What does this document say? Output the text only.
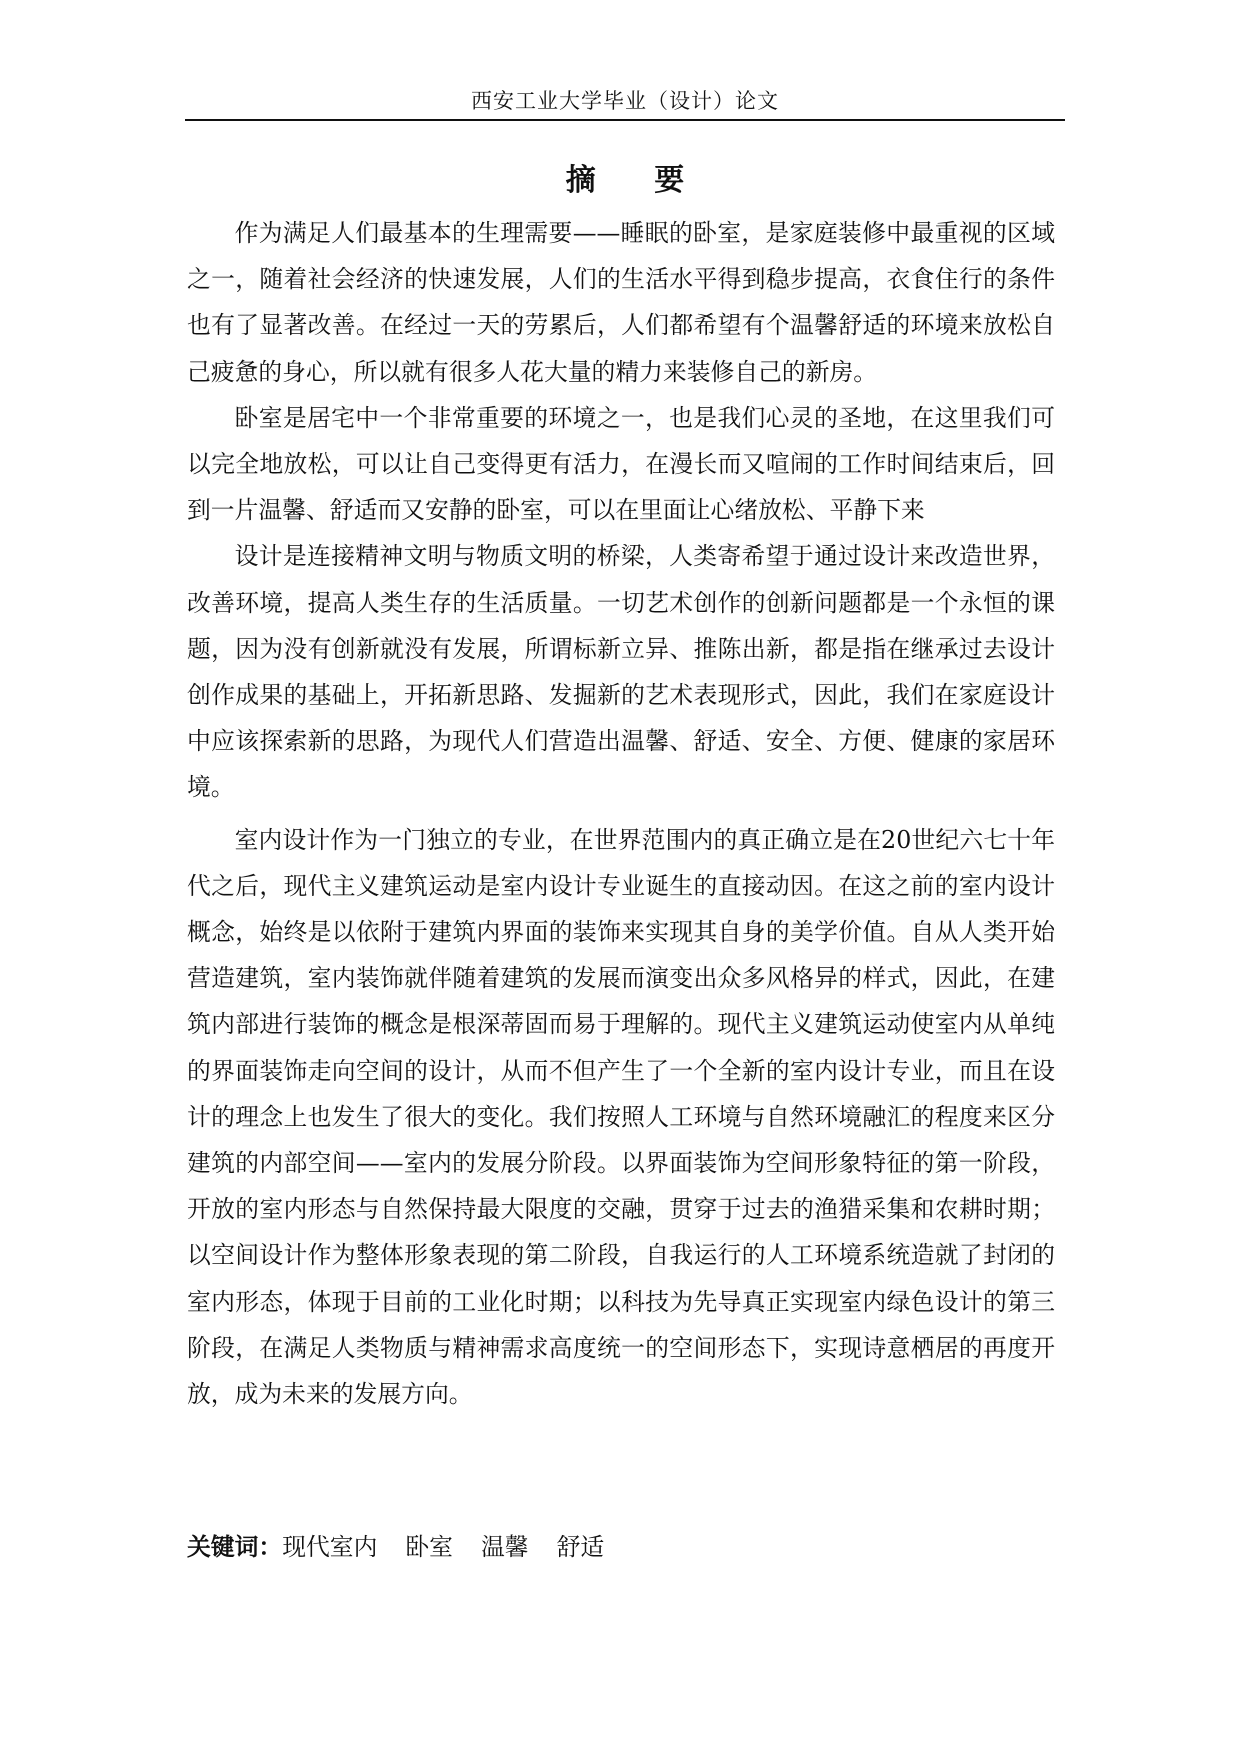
西安工业大学毕业（设计）论文
摘 要

作为满足人们最基本的生理需要——睡眠的卧室，是家庭装修中最重视的区域之一，随着社会经济的快速发展，人们的生活水平得到稳步提高，衣食住行的条件也有了显著改善。在经过一天的劳累后，人们都希望有个温馨舒适的环境来放松自己疲惫的身心，所以就有很多人花大量的精力来装修自己的新房。

卧室是居宅中一个非常重要的环境之一，也是我们心灵的圣地，在这里我们可以完全地放松，可以让自己变得更有活力，在漫长而又喧闹的工作时间结束后，回到一片温馨、舒适而又安静的卧室，可以在里面让心绪放松、平静下来

设计是连接精神文明与物质文明的桥梁，人类寄希望于通过设计来改造世界，改善环境，提高人类生存的生活质量。一切艺术创作的创新问题都是一个永恒的课题，因为没有创新就没有发展，所谓标新立异、推陈出新，都是指在继承过去设计创作成果的基础上，开拓新思路、发掘新的艺术表现形式，因此，我们在家庭设计中应该探索新的思路，为现代人们营造出温馨、舒适、安全、方便、健康的家居环境。

室内设计作为一门独立的专业，在世界范围内的真正确立是在20世纪六七十年代之后，现代主义建筑运动是室内设计专业诞生的直接动因。在这之前的室内设计概念，始终是以依附于建筑内界面的装饰来实现其自身的美学价值。自从人类开始营造建筑，室内装饰就伴随着建筑的发展而演变出众多风格异的样式，因此，在建筑内部进行装饰的概念是根深蒂固而易于理解的。现代主义建筑运动使室内从单纯的界面装饰走向空间的设计，从而不但产生了一个全新的室内设计专业，而且在设计的理念上也发生了很大的变化。我们按照人工环境与自然环境融汇的程度来区分建筑的内部空间——室内的发展分阶段。以界面装饰为空间形象特征的第一阶段，开放的室内形态与自然保持最大限度的交融，贯穿于过去的渔猎采集和农耕时期；以空间设计作为整体形象表现的第二阶段，自我运行的人工环境系统造就了封闭的室内形态，体现于目前的工业化时期；以科技为先导真正实现室内绿色设计的第三阶段，在满足人类物质与精神需求高度统一的空间形态下，实现诗意栖居的再度开放，成为未来的发展方向。

关键词：现代室内 卧室 温馨 舒适
